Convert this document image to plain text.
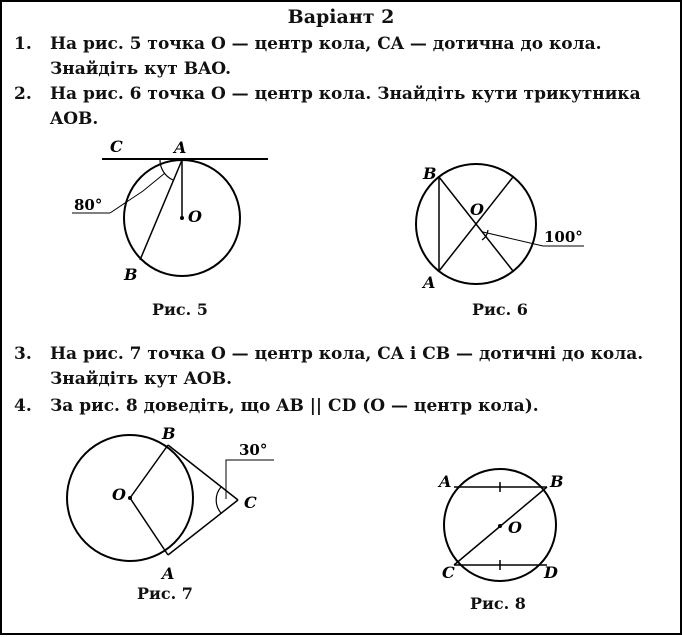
Варіант 2
1.	На рис. 5 точка O — центр кола, CA — дотична до кола. Знайдіть кут BAO.
2.	На рис. 6 точка O — центр кола. Знайдіть кути трикутника AOB.
C	A
O
B
80°
Рис. 5
B
O
A
100°
Рис. 6
3.	На рис. 7 точка O — центр кола, CA і CB — дотичні до кола. Знайдіть кут AOB.
4.	За рис. 8 доведіть, що AB || CD (O — центр кола).
B
O	C
A
30°
Рис. 7
A	B
O
C	D
Рис. 8
